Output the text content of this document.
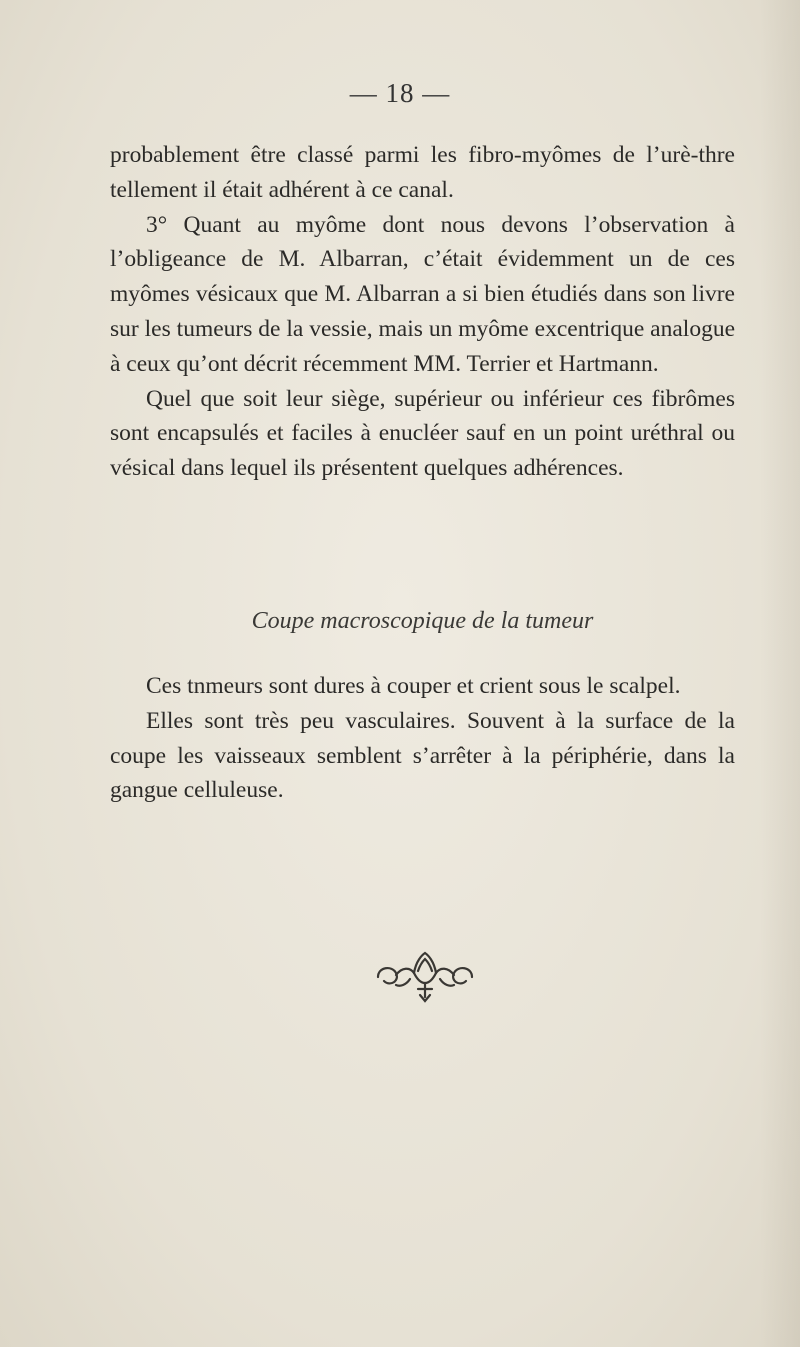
— 18 —

probablement être classé parmi les fibro-myômes de l’urè-thre tellement il était adhérent à ce canal.

3° Quant au myôme dont nous devons l’observation à l’obligeance de M. Albarran, c’était évidemment un de ces myômes vésicaux que M. Albarran a si bien étudiés dans son livre sur les tumeurs de la vessie, mais un myôme excentrique analogue à ceux qu’ont décrit récemment MM. Terrier et Hartmann.

Quel que soit leur siège, supérieur ou inférieur ces fibrômes sont encapsulés et faciles à enucléer sauf en un point uréthral ou vésical dans lequel ils présentent quelques adhérences.

Coupe macroscopique de la tumeur

Ces tnmeurs sont dures à couper et crient sous le scalpel.

Elles sont très peu vasculaires. Souvent à la surface de la coupe les vaisseaux semblent s’arrêter à la périphérie, dans la gangue celluleuse.
